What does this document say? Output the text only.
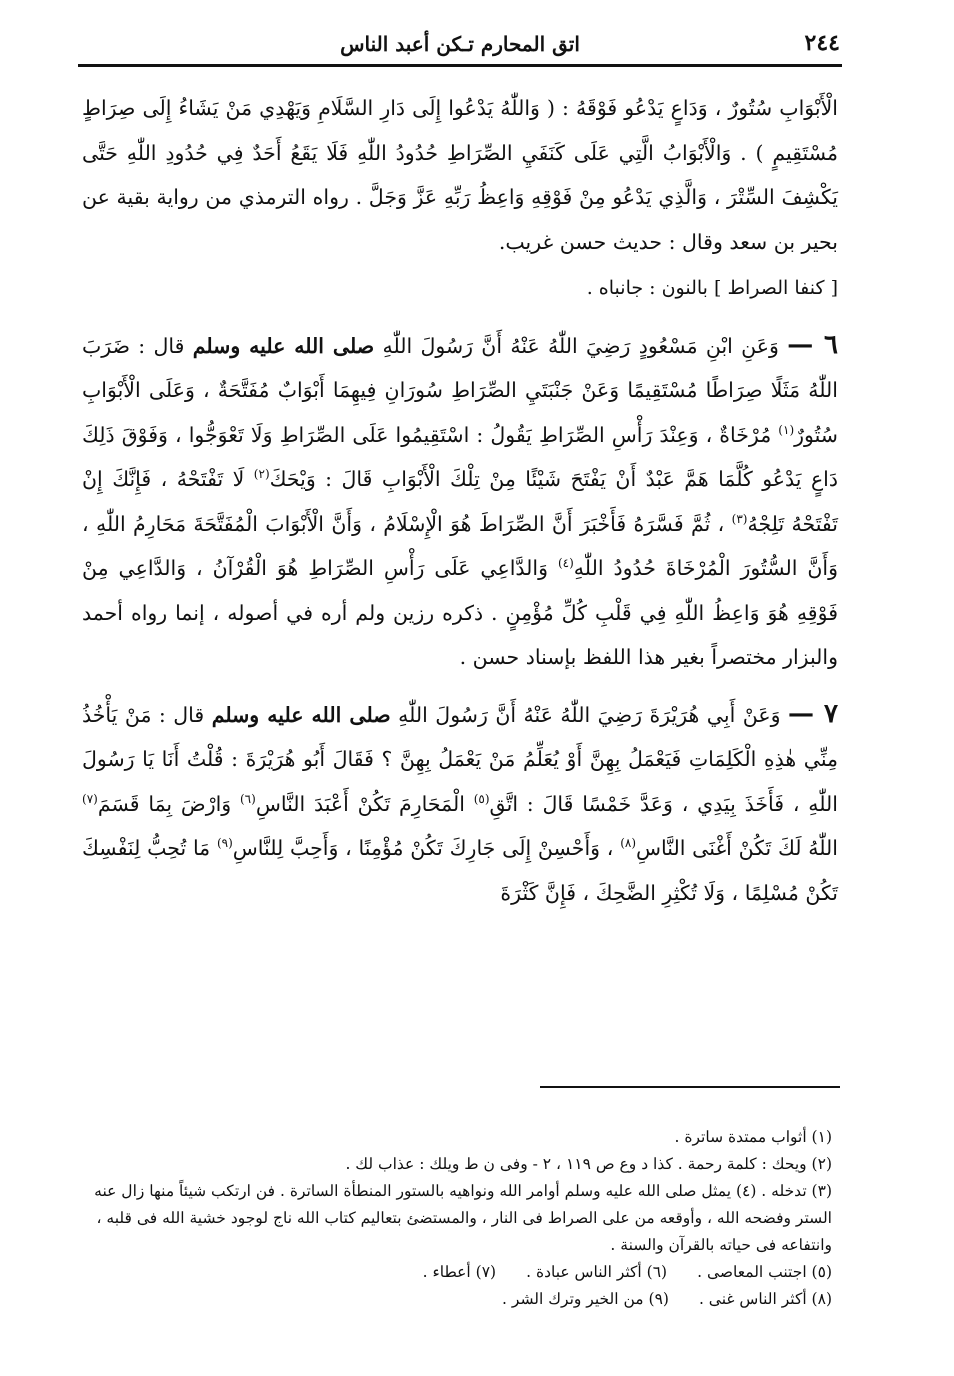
٢٤٤
اتق المحارم تـكن أعبد الناس

الْأَبْوَابِ سُتُورٌ ، وَدَاعٍ يَدْعُو فَوْقَهُ : ( وَاللّٰهُ يَدْعُوا إِلَى دَارِ السَّلَامِ وَيَهْدِي مَنْ يَشَاءُ إِلَى صِرَاطٍ مُسْتَقِيمٍ ) . وَالْأَبْوَابُ الَّتِي عَلَى كَنَفَيِ الصِّرَاطِ حُدُودُ اللّٰهِ فَلَا يَقَعُ أَحَدٌ فِي حُدُودِ اللّٰهِ حَتَّى يَكْشِفَ السِّتْرَ ، وَالَّذِي يَدْعُو مِنْ فَوْقِهِ وَاعِظُ رَبِّهِ عَزَّ وَجَلَّ . رواه الترمذي من رواية بقية عن بحير بن سعد وقال : حديث حسن غريب.

[ كنفا الصراط ] بالنون : جانباه .

٦ — وَعَنِ ابْنِ مَسْعُودٍ رَضِيَ اللّٰهُ عَنْهُ أَنَّ رَسُولَ اللّٰهِ صلى الله عليه وسلم قال : ضَرَبَ اللّٰهُ مَثَلًا صِرَاطًا مُسْتَقِيمًا وَعَنْ جَنْبَتَيِ الصِّرَاطِ سُورَانِ فِيهِمَا أَبْوَابٌ مُفَتَّحَةٌ ، وَعَلَى الْأَبْوَابِ سُتُورٌ$^{(١)}$ مُرْخَاةٌ ، وَعِنْدَ رَأْسِ الصِّرَاطِ يَقُولُ : اسْتَقِيمُوا عَلَى الصِّرَاطِ وَلَا تَعْوَجُّوا ، وَفَوْقَ ذَلِكَ دَاعٍ يَدْعُو كُلَّمَا هَمَّ عَبْدٌ أَنْ يَفْتَحَ شَيْئًا مِنْ تِلْكَ الْأَبْوَابِ قَالَ : وَيْحَكَ$^{(٢)}$ لَا تَفْتَحْهُ ، فَإِنَّكَ إِنْ تَفْتَحْهُ تَلِجْهُ$^{(٣)}$ ، ثُمَّ فَسَّرَهُ فَأَخْبَرَ أَنَّ الصِّرَاطَ هُوَ الْإِسْلَامُ ، وَأَنَّ الْأَبْوَابَ الْمُفَتَّحَةَ مَحَارِمُ اللّٰهِ ، وَأَنَّ السُّتُورَ الْمُرْخَاةَ حُدُودُ اللّٰهِ$^{(٤)}$ وَالدَّاعِي عَلَى رَأْسِ الصِّرَاطِ هُوَ الْقُرْآنُ ، وَالدَّاعِي مِنْ فَوْقِهِ هُوَ وَاعِظُ اللّٰهِ فِي قَلْبِ كُلِّ مُؤْمِنٍ . ذكره رزين ولم أره في أصوله ، إنما رواه أحمد والبزار مختصراً بغير هذا اللفظ بإسناد حسن .

٧ — وَعَنْ أَبِي هُرَيْرَةَ رَضِيَ اللّٰهُ عَنْهُ أَنَّ رَسُولَ اللّٰهِ صلى الله عليه وسلم قال : مَنْ يَأْخُذُ مِنِّي هٰذِهِ الْكَلِمَاتِ فَيَعْمَلُ بِهِنَّ أَوْ يُعَلِّمُ مَنْ يَعْمَلُ بِهِنَّ ؟ فَقَالَ أَبُو هُرَيْرَةَ : قُلْتُ أَنَا يَا رَسُولَ اللّٰهِ ، فَأَخَذَ بِيَدِي ، وَعَدَّ خَمْسًا قَالَ : اتَّقِ$^{(٥)}$ الْمَحَارِمَ تَكُنْ أَعْبَدَ النَّاسِ$^{(٦)}$ وَارْضَ بِمَا قَسَمَ$^{(٧)}$ اللّٰهُ لَكَ تَكُنْ أَغْنَى النَّاسِ$^{(٨)}$ ، وَأَحْسِنْ إِلَى جَارِكَ تَكُنْ مُؤْمِنًا ، وَأَحِبَّ لِلنَّاسِ$^{(٩)}$ مَا تُحِبُّ لِنَفْسِكَ تَكُنْ مُسْلِمًا ، وَلَا تُكْثِرِ الضَّحِكَ ، فَإِنَّ كَثْرَةَ

(١) أثواب ممتدة ساترة .

(٢) ويحك : كلمة رحمة . كذا د وع ص ١١٩ ، ٢ - وفى ن ط ويلك : عذاب لك .

(٣) تدخله . (٤) يمثل صلى الله عليه وسلم أوامر الله ونواهيه بالستور المنطأة الساترة . فن ارتكب شيئاً منها زال عنه الستر وفضحه الله ، وأوقعه من على الصراط فى النار ، والمستضئ بتعاليم كتاب الله ناج لوجود خشية الله فى قلبه ، وانتفاعه فى حياته بالقرآن والسنة .

(٥) اجتنب المعاصى .
(٦) أكثر الناس عبادة .
(٧) أعطاء .

(٨) أكثر الناس غنى .
(٩) من الخير وترك الشر .
